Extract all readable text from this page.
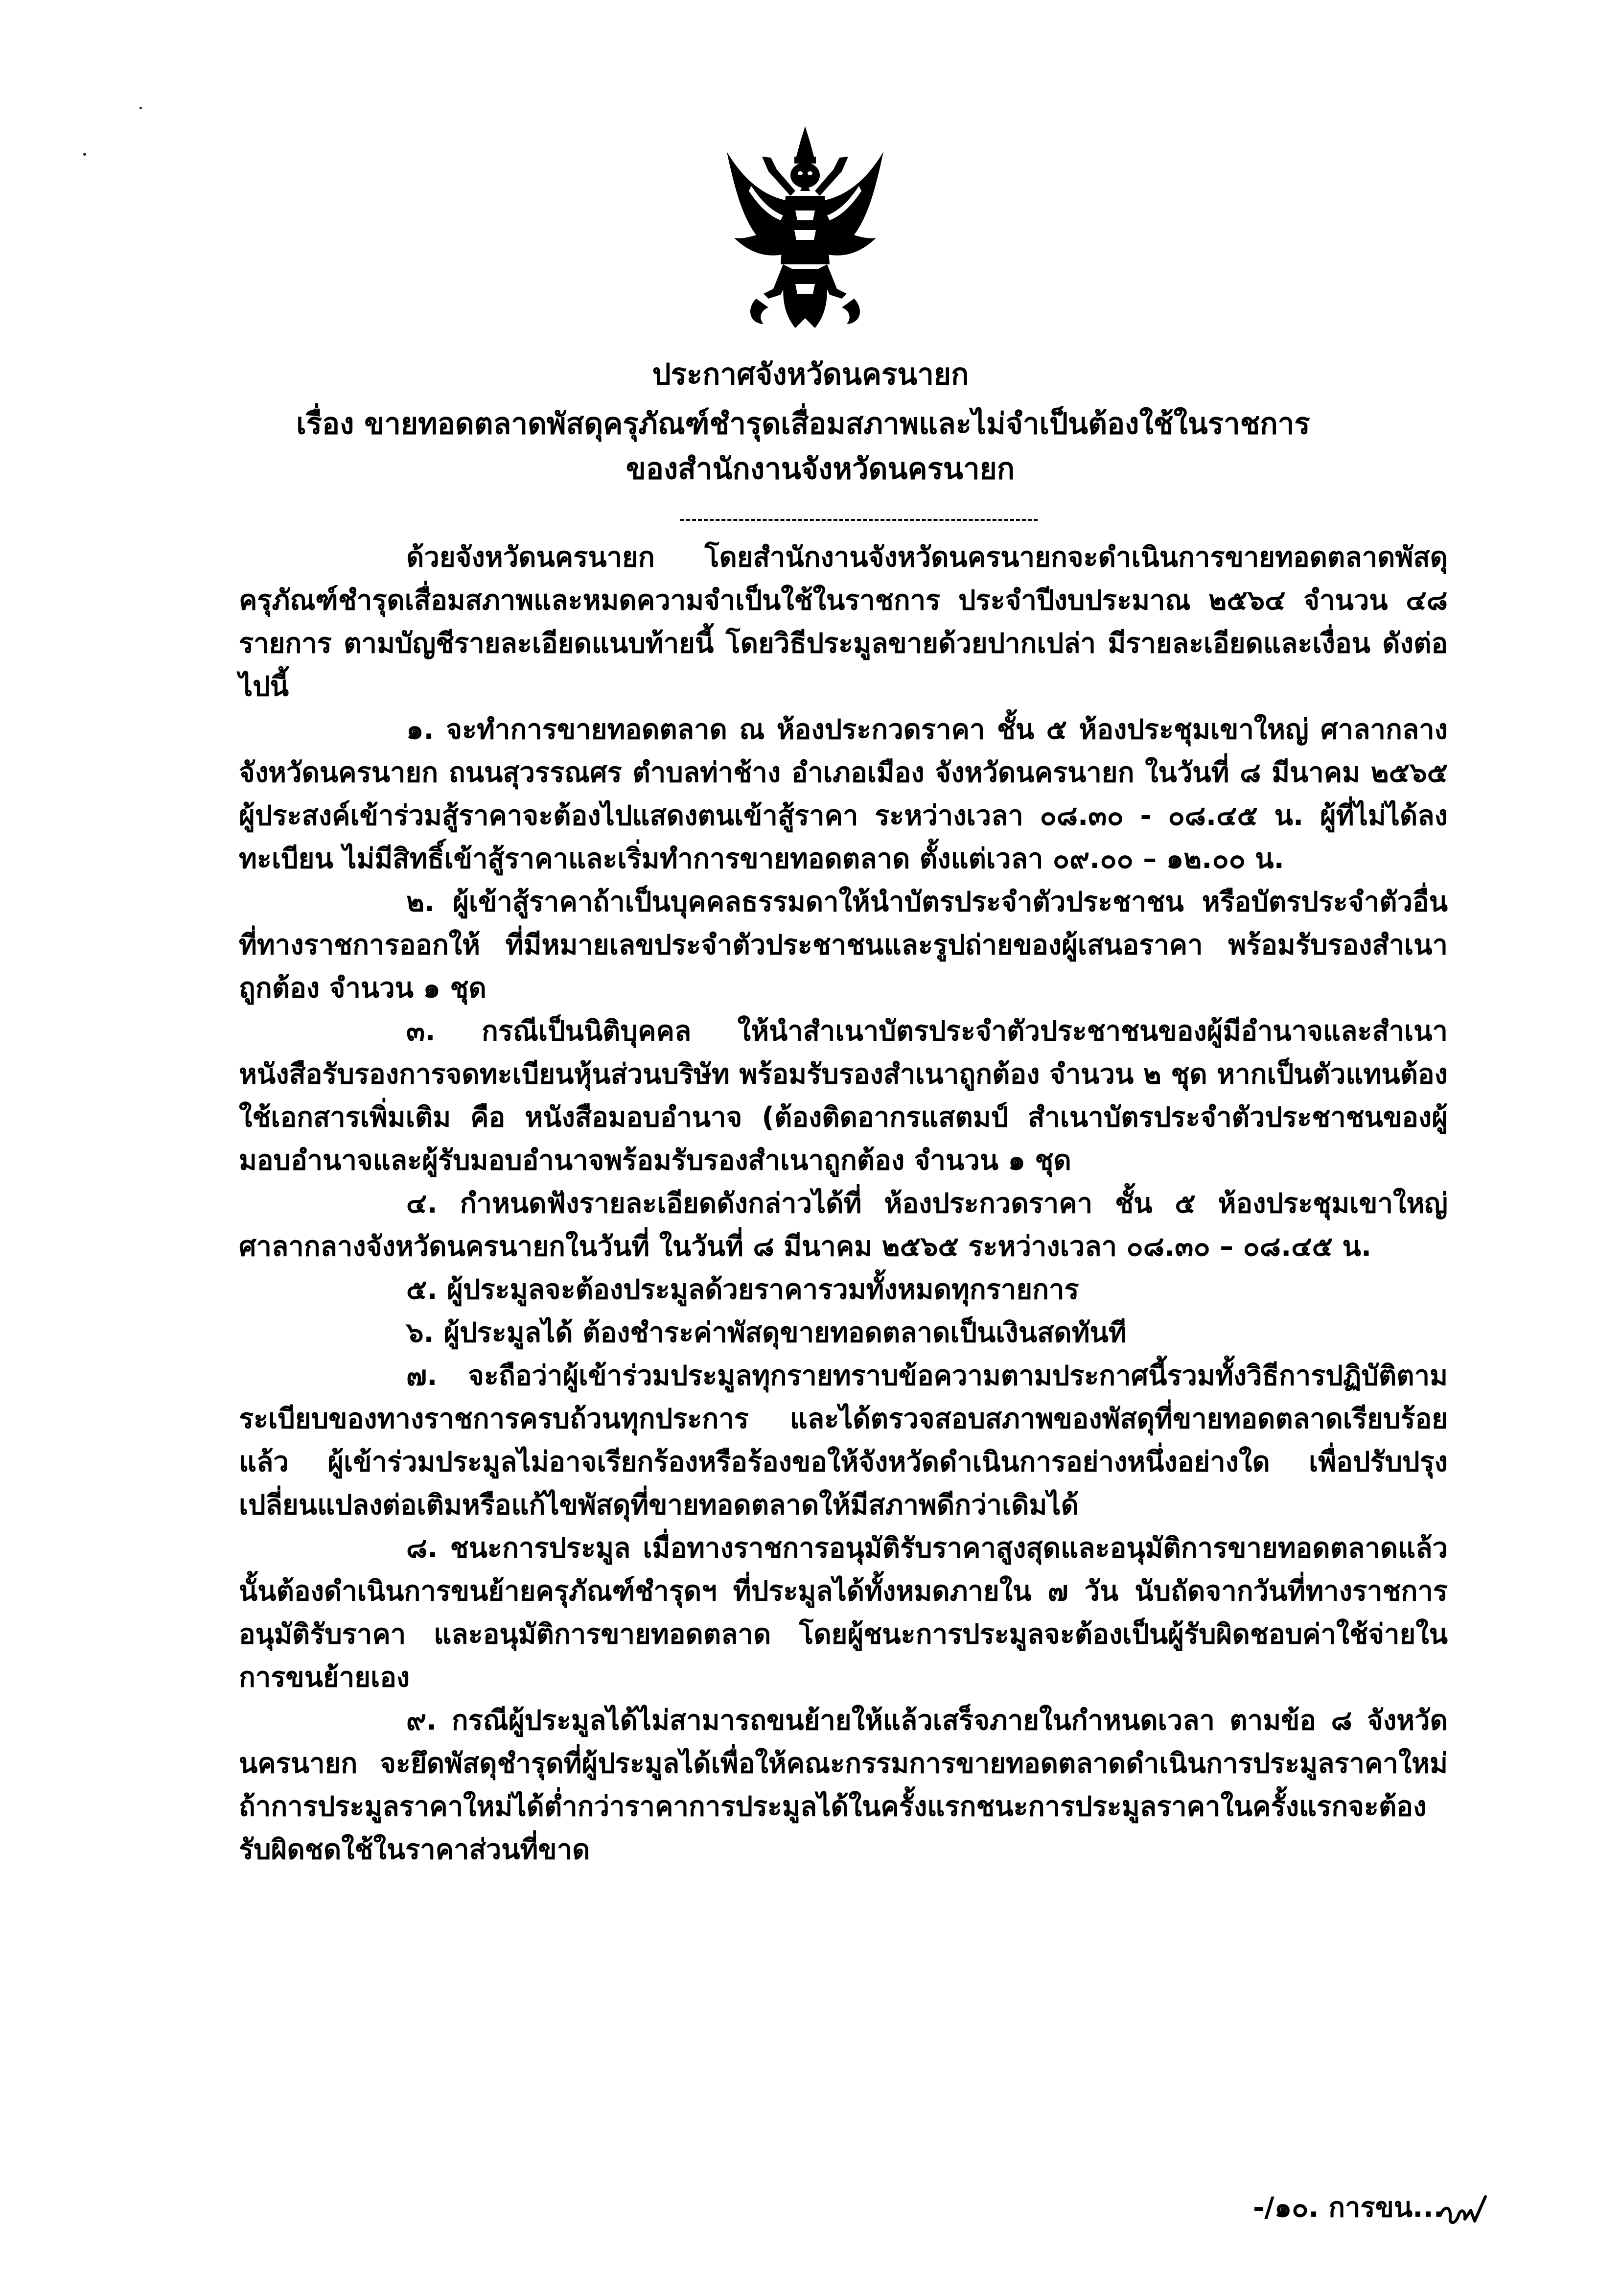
ประกาศจังหวัดนครนายก
เรื่อง ขายทอดตลาดพัสดุครุภัณฑ์ชำรุดเสื่อมสภาพและไม่จำเป็นต้องใช้ในราชการ
ของสำนักงานจังหวัดนครนายก

ด้วยจังหวัดนครนายก โดยสำนักงานจังหวัดนครนายกจะดำเนินการขายทอดตลาดพัสดุครุภัณฑ์ชำรุดเสื่อมสภาพและหมดความจำเป็นใช้ในราชการ ประจำปีงบประมาณ ๒๕๖๔ จำนวน ๔๘ รายการ ตามบัญชีรายละเอียดแนบท้ายนี้ โดยวิธีประมูลขายด้วยปากเปล่า มีรายละเอียดและเงื่อน ดังต่อไปนี้

๑. จะทำการขายทอดตลาด ณ ห้องประกวดราคา ชั้น ๕ ห้องประชุมเขาใหญ่ ศาลากลางจังหวัดนครนายก ถนนสุวรรณศร ตำบลท่าช้าง อำเภอเมือง จังหวัดนครนายก ในวันที่ ๘ มีนาคม ๒๕๖๕ ผู้ประสงค์เข้าร่วมสู้ราคาจะต้องไปแสดงตนเข้าสู้ราคา ระหว่างเวลา ๐๘.๓๐ - ๐๘.๔๕ น. ผู้ที่ไม่ได้ลงทะเบียน ไม่มีสิทธิ์เข้าสู้ราคาและเริ่มทำการขายทอดตลาด ตั้งแต่เวลา ๐๙.๐๐ – ๑๒.๐๐ น.

๒. ผู้เข้าสู้ราคาถ้าเป็นบุคคลธรรมดาให้นำบัตรประจำตัวประชาชน หรือบัตรประจำตัวอื่นที่ทางราชการออกให้ ที่มีหมายเลขประจำตัวประชาชนและรูปถ่ายของผู้เสนอราคา พร้อมรับรองสำเนาถูกต้อง จำนวน ๑ ชุด

๓. กรณีเป็นนิติบุคคล ให้นำสำเนาบัตรประจำตัวประชาชนของผู้มีอำนาจและสำเนาหนังสือรับรองการจดทะเบียนหุ้นส่วนบริษัท พร้อมรับรองสำเนาถูกต้อง จำนวน ๒ ชุด หากเป็นตัวแทนต้องใช้เอกสารเพิ่มเติม คือ หนังสือมอบอำนาจ (ต้องติดอากรแสตมป์ สำเนาบัตรประจำตัวประชาชนของผู้มอบอำนาจและผู้รับมอบอำนาจพร้อมรับรองสำเนาถูกต้อง จำนวน ๑ ชุด

๔. กำหนดฟังรายละเอียดดังกล่าวได้ที่ ห้องประกวดราคา ชั้น ๕ ห้องประชุมเขาใหญ่ ศาลากลางจังหวัดนครนายกในวันที่ ในวันที่ ๘ มีนาคม ๒๕๖๕ ระหว่างเวลา ๐๘.๓๐ – ๐๘.๔๕ น.

๕. ผู้ประมูลจะต้องประมูลด้วยราคารวมทั้งหมดทุกรายการ

๖. ผู้ประมูลได้ ต้องชำระค่าพัสดุขายทอดตลาดเป็นเงินสดทันที

๗. จะถือว่าผู้เข้าร่วมประมูลทุกรายทราบข้อความตามประกาศนี้รวมทั้งวิธีการปฏิบัติตามระเบียบของทางราชการครบถ้วนทุกประการ และได้ตรวจสอบสภาพของพัสดุที่ขายทอดตลาดเรียบร้อยแล้ว ผู้เข้าร่วมประมูลไม่อาจเรียกร้องหรือร้องขอให้จังหวัดดำเนินการอย่างหนึ่งอย่างใด เพื่อปรับปรุง เปลี่ยนแปลงต่อเติมหรือแก้ไขพัสดุที่ขายทอดตลาดให้มีสภาพดีกว่าเดิมได้

๘. ชนะการประมูล เมื่อทางราชการอนุมัติรับราคาสูงสุดและอนุมัติการขายทอดตลาดแล้วนั้นต้องดำเนินการขนย้ายครุภัณฑ์ชำรุดฯ ที่ประมูลได้ทั้งหมดภายใน ๗ วัน นับถัดจากวันที่ทางราชการอนุมัติรับราคา และอนุมัติการขายทอดตลาด โดยผู้ชนะการประมูลจะต้องเป็นผู้รับผิดชอบค่าใช้จ่ายในการขนย้ายเอง

๙. กรณีผู้ประมูลได้ไม่สามารถขนย้ายให้แล้วเสร็จภายในกำหนดเวลา ตามข้อ ๘ จังหวัดนครนายก จะยึดพัสดุชำรุดที่ผู้ประมูลได้เพื่อให้คณะกรรมการขายทอดตลาดดำเนินการประมูลราคาใหม่ ถ้าการประมูลราคาใหม่ได้ต่ำกว่าราคาการประมูลได้ในครั้งแรกชนะการประมูลราคาในครั้งแรกจะต้องรับผิดชดใช้ในราคาส่วนที่ขาด

-/๑๐. การขน...
